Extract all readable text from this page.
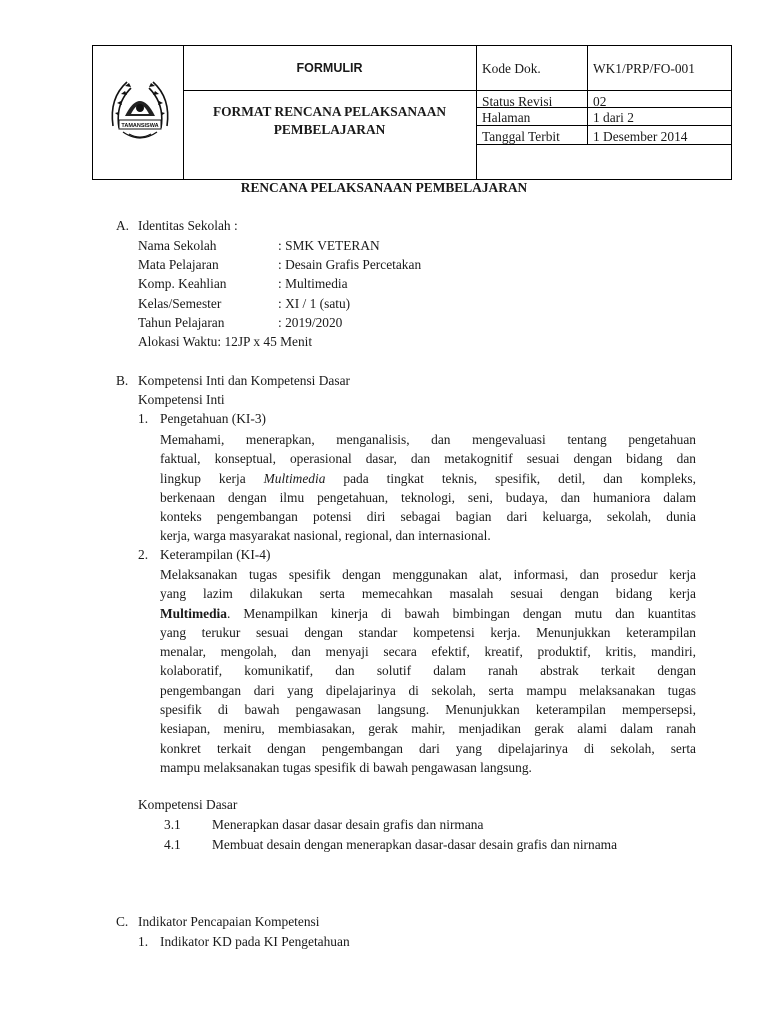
TAMANSISWA
FORMULIR
FORMAT RENCANA PELAKSANAAN
PEMBELAJARAN
Kode Dok.	WK1/PRP/FO-001
Status Revisi	02
Halaman	1 dari 2
Tanggal Terbit 1 Desember 2014
RENCANA PELAKSANAAN PEMBELAJARAN
A. Identitas Sekolah :
Nama Sekolah	: SMK VETERAN
Mata Pelajaran	: Desain Grafis Percetakan
Komp. Keahlian	: Multimedia
Kelas/Semester	: XI / 1 (satu)
Tahun Pelajaran	: 2019/2020
Alokasi Waktu: 12JP x 45 Menit
B. Kompetensi Inti dan Kompetensi Dasar
Kompetensi Inti
1. Pengetahuan (KI-3)
Memahami, menerapkan, menganalisis, dan mengevaluasi tentang pengetahuan
faktual, konseptual, operasional dasar, dan metakognitif sesuai dengan bidang dan
lingkup kerja Multimedia pada tingkat teknis, spesifik, detil, dan kompleks,
berkenaan dengan ilmu pengetahuan, teknologi, seni, budaya, dan humaniora dalam
konteks pengembangan potensi diri sebagai bagian dari keluarga, sekolah, dunia
kerja, warga masyarakat nasional, regional, dan internasional.
2. Keterampilan (KI-4)
Melaksanakan tugas spesifik dengan menggunakan alat, informasi, dan prosedur kerja
yang lazim dilakukan serta memecahkan masalah sesuai dengan bidang kerja
Multimedia. Menampilkan kinerja di bawah bimbingan dengan mutu dan kuantitas
yang terukur sesuai dengan standar kompetensi kerja. Menunjukkan keterampilan
menalar, mengolah, dan menyaji secara efektif, kreatif, produktif, kritis, mandiri,
kolaboratif, komunikatif, dan solutif dalam ranah abstrak terkait dengan
pengembangan dari yang dipelajarinya di sekolah, serta mampu melaksanakan tugas
spesifik di bawah pengawasan langsung. Menunjukkan keterampilan mempersepsi,
kesiapan, meniru, membiasakan, gerak mahir, menjadikan gerak alami dalam ranah
konkret terkait dengan pengembangan dari yang dipelajarinya di sekolah, serta
mampu melaksanakan tugas spesifik di bawah pengawasan langsung.
Kompetensi Dasar
3.1 Menerapkan dasar dasar desain grafis dan nirmana
4.1 Membuat desain dengan menerapkan dasar-dasar desain grafis dan nirnama
C. Indikator Pencapaian Kompetensi
1. Indikator KD pada KI Pengetahuan
